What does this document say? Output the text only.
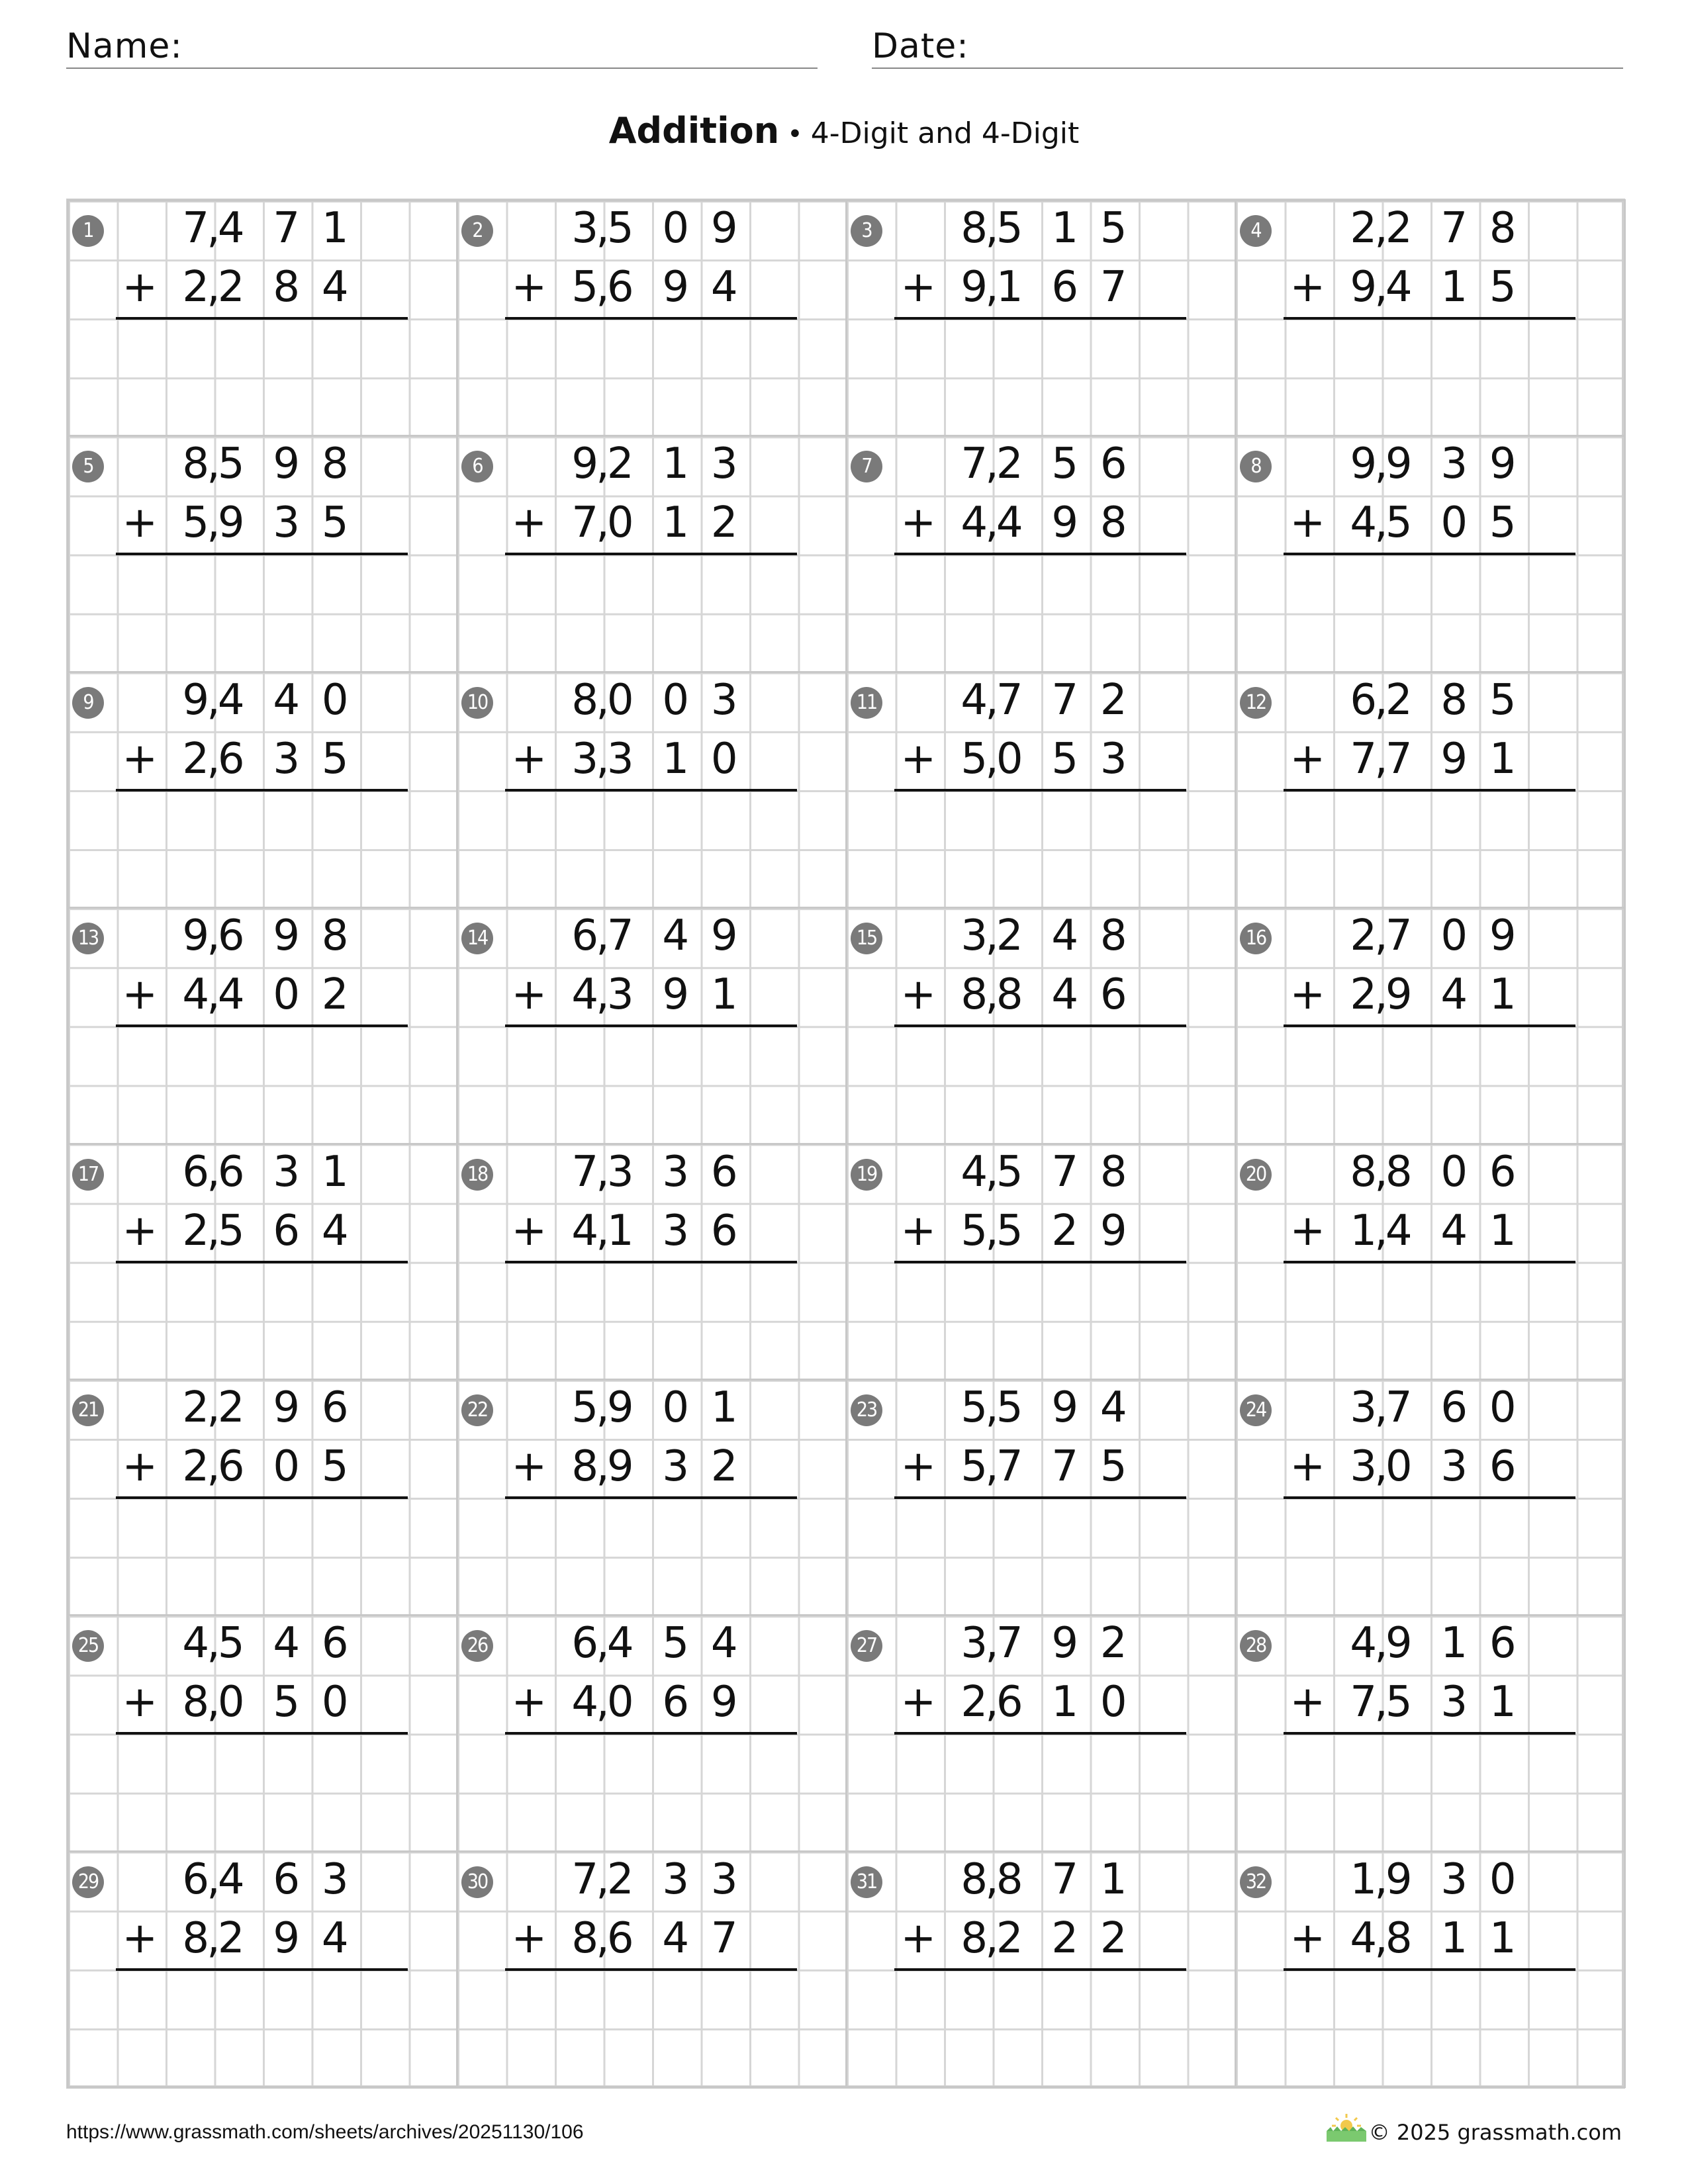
Name:	Date:
Addition • 4-Digit and 4-Digit
1 7 4 7 1
,
2 2 8 4
,
+
2 3 5 0 9
,
5 6 9 4
,
+
3 8 5 1 5
,
9 1 6 7
,
+
4 2 2 7 8
,
9 4 1 5
,
+
5 8 5 9 8
,
5 9 3 5
,
+
6 9 2 1 3
,
7 0 1 2
,
+
7 7 2 5 6
,
4 4 9 8
,
+
8 9 9 3 9
,
4 5 0 5
,
+
9 9 4 4 0
,
2 6 3 5
,
+
10 8 0 0 3
,
3 3 1 0
,
+
11 4 7 7 2
,
5 0 5 3
,
+
12 6 2 8 5
,
7 7 9 1
,
+
13 9 6 9 8
,
4 4 0 2
,
+
14 6 7 4 9
,
4 3 9 1
,
+
15 3 2 4 8
,
8 8 4 6
,
+
16 2 7 0 9
,
2 9 4 1
,
+
17 6 6 3 1
,
2 5 6 4
,
+
18 7 3 3 6
,
4 1 3 6
,
+
19 4 5 7 8
,
5 5 2 9
,
+
20 8 8 0 6
,
1 4 4 1
,
+
21 2 2 9 6
,
2 6 0 5
,
+
22 5 9 0 1
,
8 9 3 2
,
+
23 5 5 9 4
,
5 7 7 5
,
+
24 3 7 6 0
,
3 0 3 6
,
+
25 4 5 4 6
,
8 0 5 0
,
+
26 6 4 5 4
,
4 0 6 9
,
+
27 3 7 9 2
,
2 6 1 0
,
+
28 4 9 1 6
,
7 5 3 1
,
+
29 6 4 6 3
,
8 2 9 4
,
+
30 7 2 3 3
,
8 6 4 7
,
+
31 8 8 7 1
,
8 2 2 2
,
+
32 1 9 3 0
,
4 8 1 1
,
+
https://www.grassmath.com/sheets/archives/20251130/106	© 2025 grassmath.com
